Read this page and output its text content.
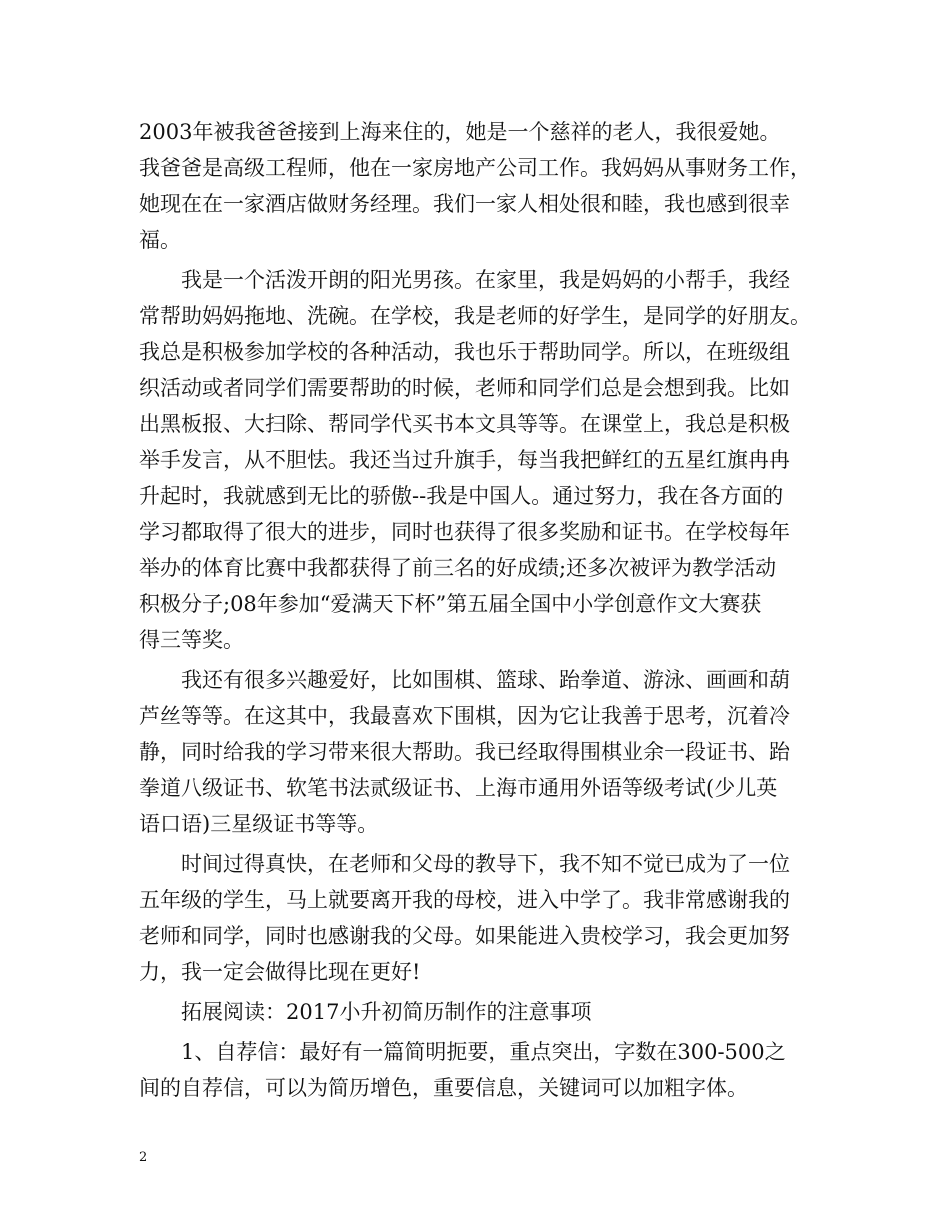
2003年被我爸爸接到上海来住的，她是一个慈祥的老人，我很爱她。
我爸爸是高级工程师，他在一家房地产公司工作。我妈妈从事财务工作，
她现在在一家酒店做财务经理。我们一家人相处很和睦，我也感到很幸
福。
我是一个活泼开朗的阳光男孩。在家里，我是妈妈的小帮手，我经
常帮助妈妈拖地、洗碗。在学校，我是老师的好学生，是同学的好朋友。
我总是积极参加学校的各种活动，我也乐于帮助同学。所以，在班级组
织活动或者同学们需要帮助的时候，老师和同学们总是会想到我。比如
出黑板报、大扫除、帮同学代买书本文具等等。在课堂上，我总是积极
举手发言，从不胆怯。我还当过升旗手，每当我把鲜红的五星红旗冉冉
升起时，我就感到无比的骄傲--我是中国人。通过努力，我在各方面的
学习都取得了很大的进步，同时也获得了很多奖励和证书。在学校每年
举办的体育比赛中我都获得了前三名的好成绩;还多次被评为教学活动
积极分子;08年参加“爱满天下杯”第五届全国中小学创意作文大赛获
得三等奖。
我还有很多兴趣爱好，比如围棋、篮球、跆拳道、游泳、画画和葫
芦丝等等。在这其中，我最喜欢下围棋，因为它让我善于思考，沉着冷
静，同时给我的学习带来很大帮助。我已经取得围棋业余一段证书、跆
拳道八级证书、软笔书法贰级证书、上海市通用外语等级考试(少儿英
语口语)三星级证书等等。
时间过得真快，在老师和父母的教导下，我不知不觉已成为了一位
五年级的学生，马上就要离开我的母校，进入中学了。我非常感谢我的
老师和同学，同时也感谢我的父母。如果能进入贵校学习，我会更加努
力，我一定会做得比现在更好!
拓展阅读：2017小升初简历制作的注意事项
1、自荐信：最好有一篇简明扼要，重点突出，字数在300-500之
间的自荐信，可以为简历增色，重要信息，关键词可以加粗字体。
2
